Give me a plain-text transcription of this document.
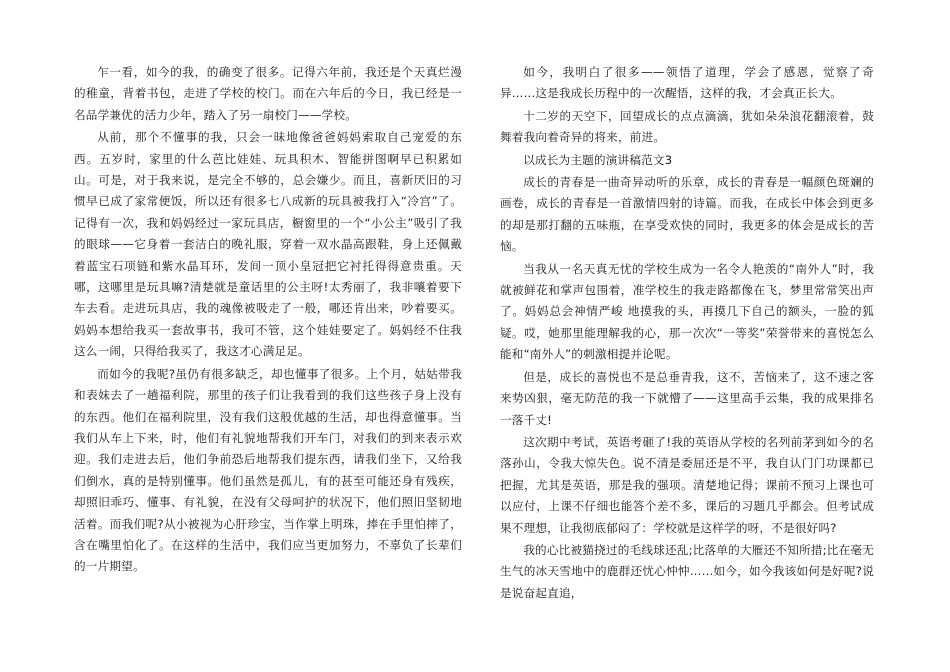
乍一看，如今的我，的确变了很多。记得六年前，我还是个天真烂漫的稚童，背着书包，走进了学校的校门。而在六年后的今日，我已经是一名品学兼优的活力少年，踏入了另一扇校门——学校。

从前，那个不懂事的我，只会一昧地像爸爸妈妈索取自己宠爱的东西。五岁时，家里的什么芭比娃娃、玩具积木、智能拼图啊早已积累如山。可是，对于我来说，是完全不够的，总会嫌少。而且，喜新厌旧的习惯早已成了家常便饭，所以还有很多七八成新的玩具被我打入“冷宫”了。记得有一次，我和妈妈经过一家玩具店，橱窗里的一个“小公主”吸引了我的眼球——它身着一套洁白的晚礼服，穿着一双水晶高跟鞋，身上还佩戴着蓝宝石项链和紫水晶耳环，发间一顶小皇冠把它衬托得得意贵重。天哪，这哪里是玩具嘛?清楚就是童话里的公主呀!太秀丽了，我非嚷着要下车去看。走进玩具店，我的魂像被吸走了一般，哪还肯出来，吵着要买。妈妈本想给我买一套故事书，我可不管，这个娃娃要定了。妈妈经不住我这么一闹，只得给我买了，我这才心满足足。

而如今的我呢?虽仍有很多缺乏，却也懂事了很多。上个月，姑姑带我和表妹去了一趟福利院，那里的孩子们让我看到的我们这些孩子身上没有的东西。他们在福利院里，没有我们这般优越的生活，却也得意懂事。当我们从车上下来，时，他们有礼貌地帮我们开车门，对我们的到来表示欢迎。我们走进去后，他们争前恐后地帮我们提东西，请我们坐下，又给我们倒水，真的是特别懂事。他们虽然是孤儿，有的甚至可能还身有残疾，却照旧乖巧、懂事、有礼貌，在没有父母呵护的状况下，他们照旧坚韧地活着。而我们呢?从小被视为心肝珍宝，当作掌上明珠，捧在手里怕摔了，含在嘴里怕化了。在这样的生活中，我们应当更加努力，不辜负了长辈们的一片期望。

如今，我明白了很多——领悟了道理，学会了感恩，觉察了奇异……这是我成长历程中的一次醒悟，这样的我，才会真正长大。

十二岁的天空下，回望成长的点点滴滴，犹如朵朵浪花翻滚着，鼓舞着我向着奇异的将来，前进。

以成长为主题的演讲稿范文3

成长的青春是一曲奇异动听的乐章，成长的青春是一幅颜色斑斓的画卷，成长的青春是一首激情四射的诗篇。而我，在成长中体会到更多的却是那打翻的五味瓶，在享受欢快的同时，我更多的体会是成长的苦恼。

当我从一名天真无忧的学校生成为一名令人艳羡的“南外人”时，我就被鲜花和掌声包围着，准学校生的我走路都像在飞，梦里常常笑出声了。妈妈总会神情严峻 地摸我的头，再摸几下自己的额头，一脸的狐疑。哎，她那里能理解我的心，那一次次“一等奖”荣誉带来的喜悦怎么能和“南外人”的刺激相提并论呢。

但是，成长的喜悦也不是总垂青我，这不，苦恼来了，这不速之客来势凶狠，毫无防范的我一下就懵了——这里高手云集，我的成果排名一落千丈!

这次期中考试，英语考砸了!我的英语从学校的名列前茅到如今的名落孙山，令我大惊失色。说不清是委屈还是不平，我自认门门功课都已把握，尤其是英语，那是我的强项。清楚地记得；课前不预习上课也可以应付，上课不仔细也能答个差不多，课后的习题几乎都会。但考试成果不理想，让我彻底郁闷了：学校就是这样学的呀，不是很好吗?

我的心比被猫挠过的毛线球还乱;比落单的大雁还不知所措;比在毫无生气的冰天雪地中的鹿群还忧心忡忡……如今，如今我该如何是好呢?说是说奋起直追，
